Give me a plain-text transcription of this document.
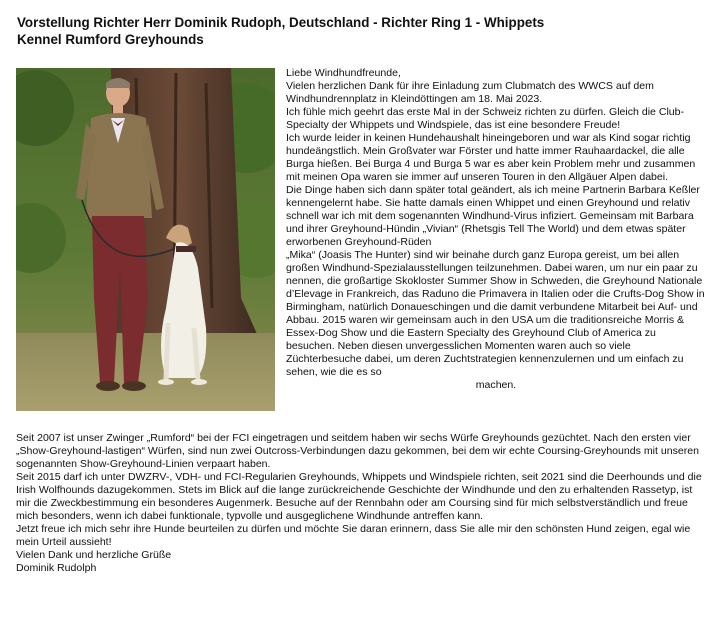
Vorstellung Richter Herr Dominik Rudoph, Deutschland - Richter Ring 1 - Whippets
Kennel Rumford Greyhounds

Liebe Windhundfreunde,

Vielen herzlichen Dank für ihre Einladung zum Clubmatch des WWCS auf dem Windhundrennplatz in Kleindöttingen am 18. Mai 2023.

Ich fühle mich geehrt das erste Mal in der Schweiz richten zu dürfen. Gleich die Club-Specialty der Whippets und Windspiele, das ist eine besondere Freude!

Ich wurde leider in keinen Hundehaushalt hineingeboren und war als Kind sogar richtig hundeängstlich. Mein Großvater war Förster und hatte immer Rauhaardackel, die alle Burga hießen. Bei Burga 4 und Burga 5 war es aber kein Problem mehr und zusammen mit meinen Opa waren sie immer auf unseren Touren in den Allgäuer Alpen dabei.

Die Dinge haben sich dann später total geändert, als ich meine Partnerin Barbara Keßler kennengelernt habe. Sie hatte damals einen Whippet und einen Greyhound und relativ schnell war ich mit dem sogenannten Windhund-Virus infiziert. Gemeinsam mit Barbara und ihrer Greyhound-Hündin „Vivian“ (Rhetsgis Tell The World) und dem etwas später erworbenen Greyhound-Rüden

„Mika“ (Joasis The Hunter) sind wir beinahe durch ganz Europa gereist, um bei allen großen Windhund-Spezialausstellungen teilzunehmen. Dabei waren, um nur ein paar zu nennen, die großartige Skokloster Summer Show in Schweden, die Greyhound Nationale d’Elevage in Frankreich, das Raduno die Primavera in Italien oder die Crufts-Dog Show in Birmingham, natürlich Donaueschingen und die damit verbundene Mitarbeit bei Auf- und Abbau. 2015 waren wir gemeinsam auch in den USA um die traditionsreiche Morris & Essex-Dog Show und die Eastern Specialty des Greyhound Club of America zu besuchen. Neben diesen unvergesslichen Momenten waren auch so viele Züchterbesuche dabei, um deren Zuchtstrategien kennenzulernen und um einfach zu sehen, wie die es so

machen.

Seit 2007 ist unser Zwinger „Rumford“ bei der FCI eingetragen und seitdem haben wir sechs Würfe Greyhounds gezüchtet. Nach den ersten vier „Show-Greyhound-lastigen“ Würfen, sind nun zwei Outcross-Verbindungen dazu gekommen, bei dem wir echte Coursing-Greyhounds mit unseren sogenannten Show-Greyhound-Linien verpaart haben.

Seit 2015 darf ich unter DWZRV-, VDH- und FCI-Regularien Greyhounds, Whippets und Windspiele richten, seit 2021 sind die Deerhounds und die Irish Wolfhounds dazugekommen. Stets im Blick auf die lange zurückreichende Geschichte der Windhunde und den zu erhaltenden Rassetyp, ist mir die Zweckbestimmung ein besonderes Augenmerk. Besuche auf der Rennbahn oder am Coursing sind für mich selbstverständlich und freue mich besonders, wenn ich dabei funktionale, typvolle und ausgeglichene Windhunde antreffen kann.

Jetzt freue ich mich sehr ihre Hunde beurteilen zu dürfen und möchte Sie daran erinnern, dass Sie alle mir den schönsten Hund zeigen, egal wie mein Urteil aussieht!

Vielen Dank und herzliche Grüße

Dominik Rudolph
